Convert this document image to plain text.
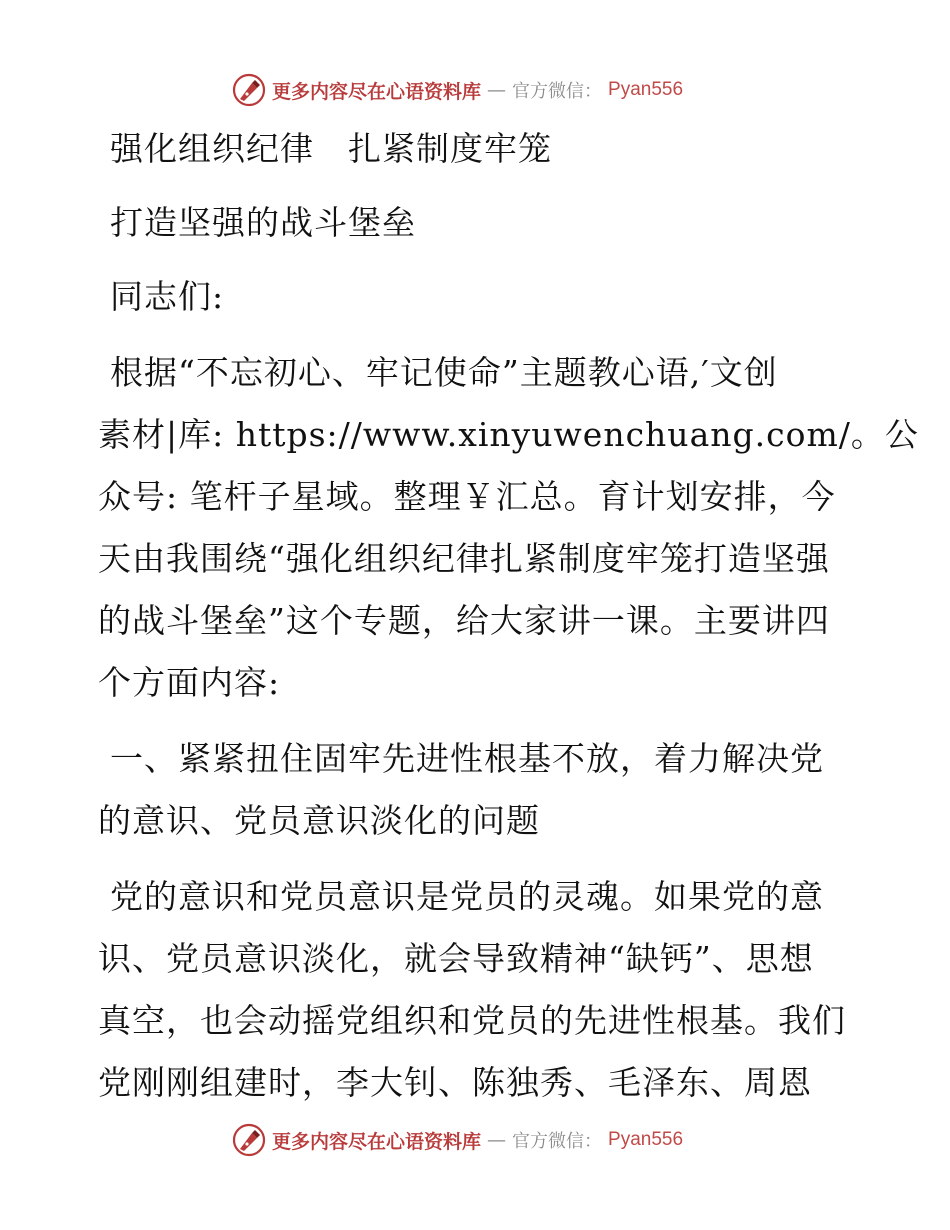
更多内容尽在心语资料库 — 官方微信： Pyan556
强化组织纪律　扎紧制度牢笼
打造坚强的战斗堡垒
同志们:
根据“不忘初心、牢记使命”主题教心语,′文创
素材|库: https://www.xinyuwenchuang.com/。公
众号: 笔杆子星域。整理￥汇总。育计划安排，今
天由我围绕“强化组织纪律扎紧制度牢笼打造坚强
的战斗堡垒”这个专题，给大家讲一课。主要讲四
个方面内容:
一、紧紧扭住固牢先进性根基不放，着力解决党
的意识、党员意识淡化的问题
党的意识和党员意识是党员的灵魂。如果党的意
识、党员意识淡化，就会导致精神“缺钙”、思想
真空，也会动摇党组织和党员的先进性根基。我们
党刚刚组建时，李大钊、陈独秀、毛泽东、周恩
更多内容尽在心语资料库 — 官方微信： Pyan556
